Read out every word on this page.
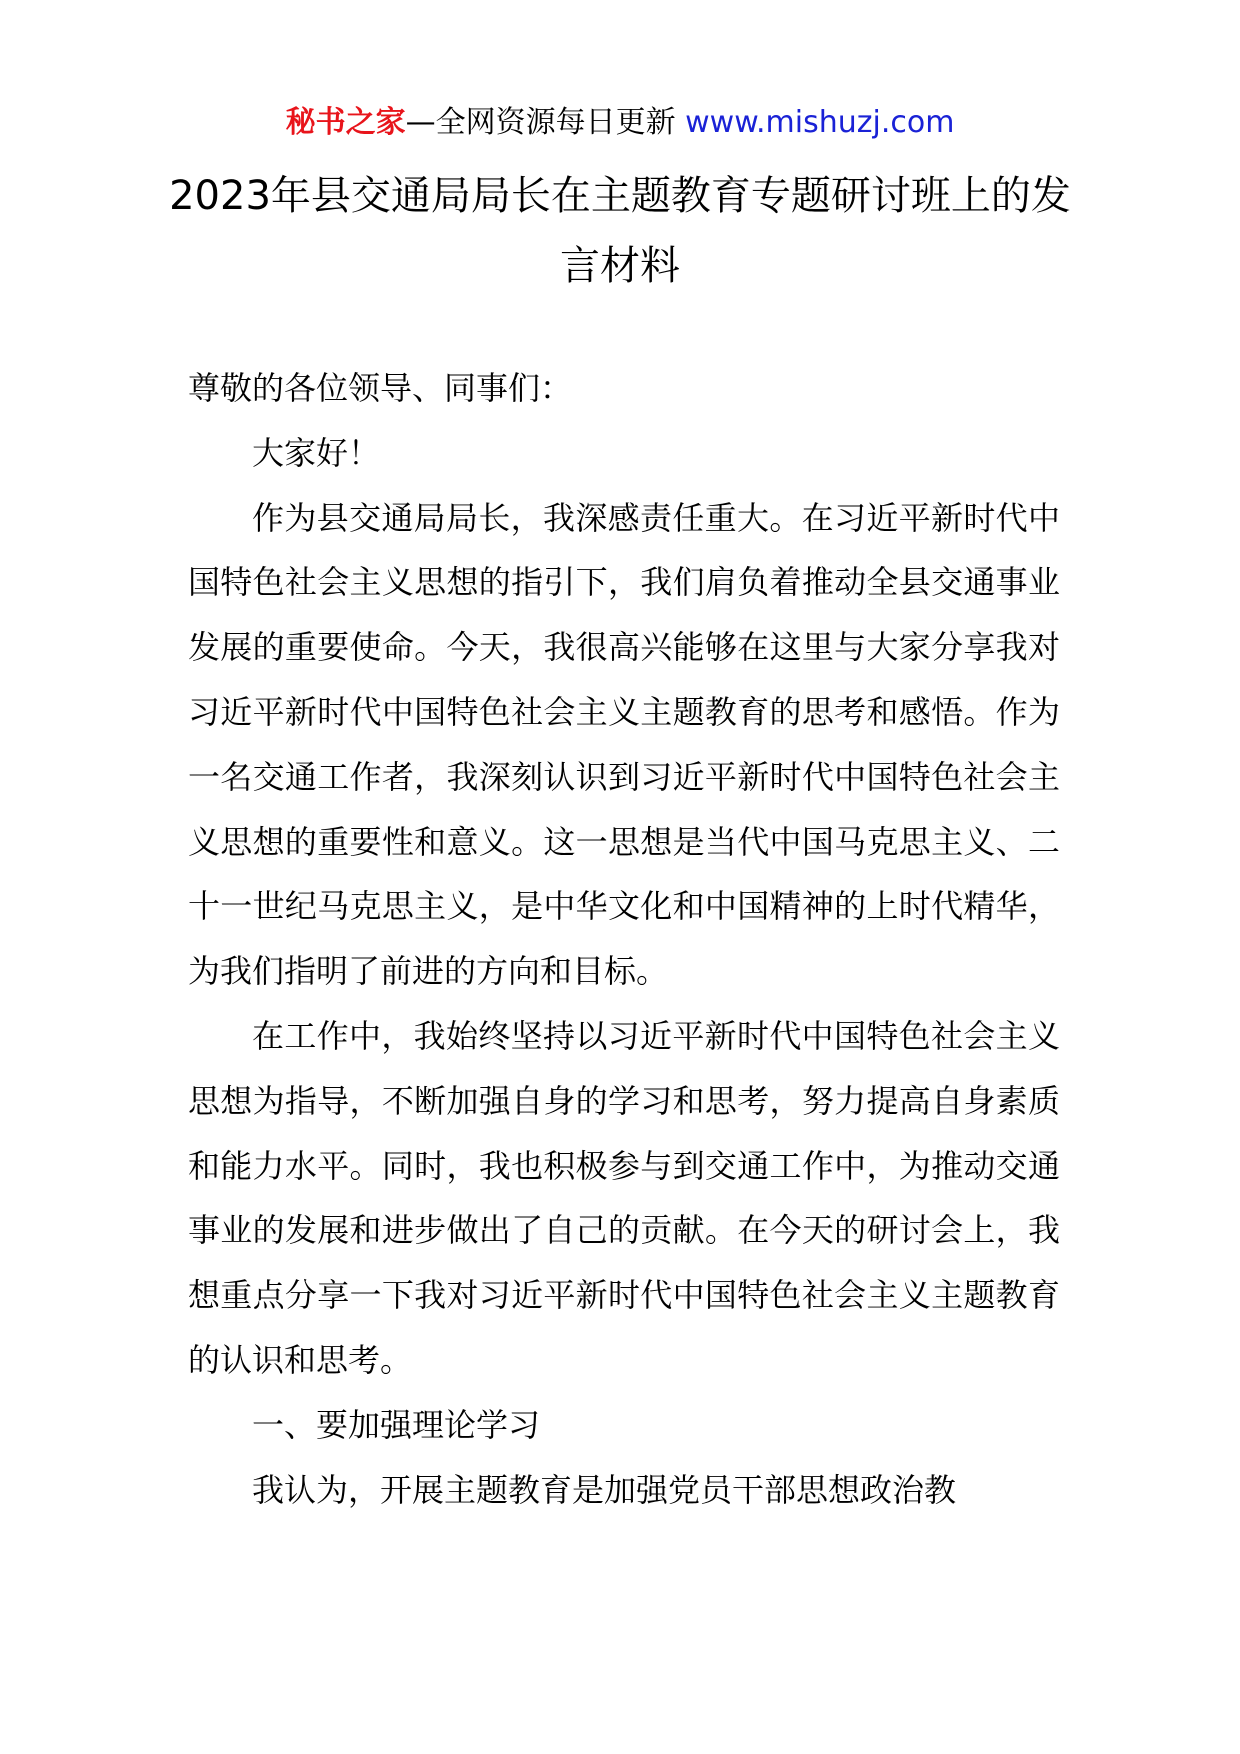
秘书之家—全网资源每日更新 www.mishuzj.com
2023年县交通局局长在主题教育专题研讨班上的发言材料

尊敬的各位领导、同事们：

大家好！

作为县交通局局长，我深感责任重大。在习近平新时代中国特色社会主义思想的指引下，我们肩负着推动全县交通事业发展的重要使命。今天，我很高兴能够在这里与大家分享我对习近平新时代中国特色社会主义主题教育的思考和感悟。作为一名交通工作者，我深刻认识到习近平新时代中国特色社会主义思想的重要性和意义。这一思想是当代中国马克思主义、二十一世纪马克思主义，是中华文化和中国精神的上时代精华，为我们指明了前进的方向和目标。

在工作中，我始终坚持以习近平新时代中国特色社会主义思想为指导，不断加强自身的学习和思考，努力提高自身素质和能力水平。同时，我也积极参与到交通工作中，为推动交通事业的发展和进步做出了自己的贡献。在今天的研讨会上，我想重点分享一下我对习近平新时代中国特色社会主义主题教育的认识和思考。

一、要加强理论学习

我认为，开展主题教育是加强党员干部思想政治教
